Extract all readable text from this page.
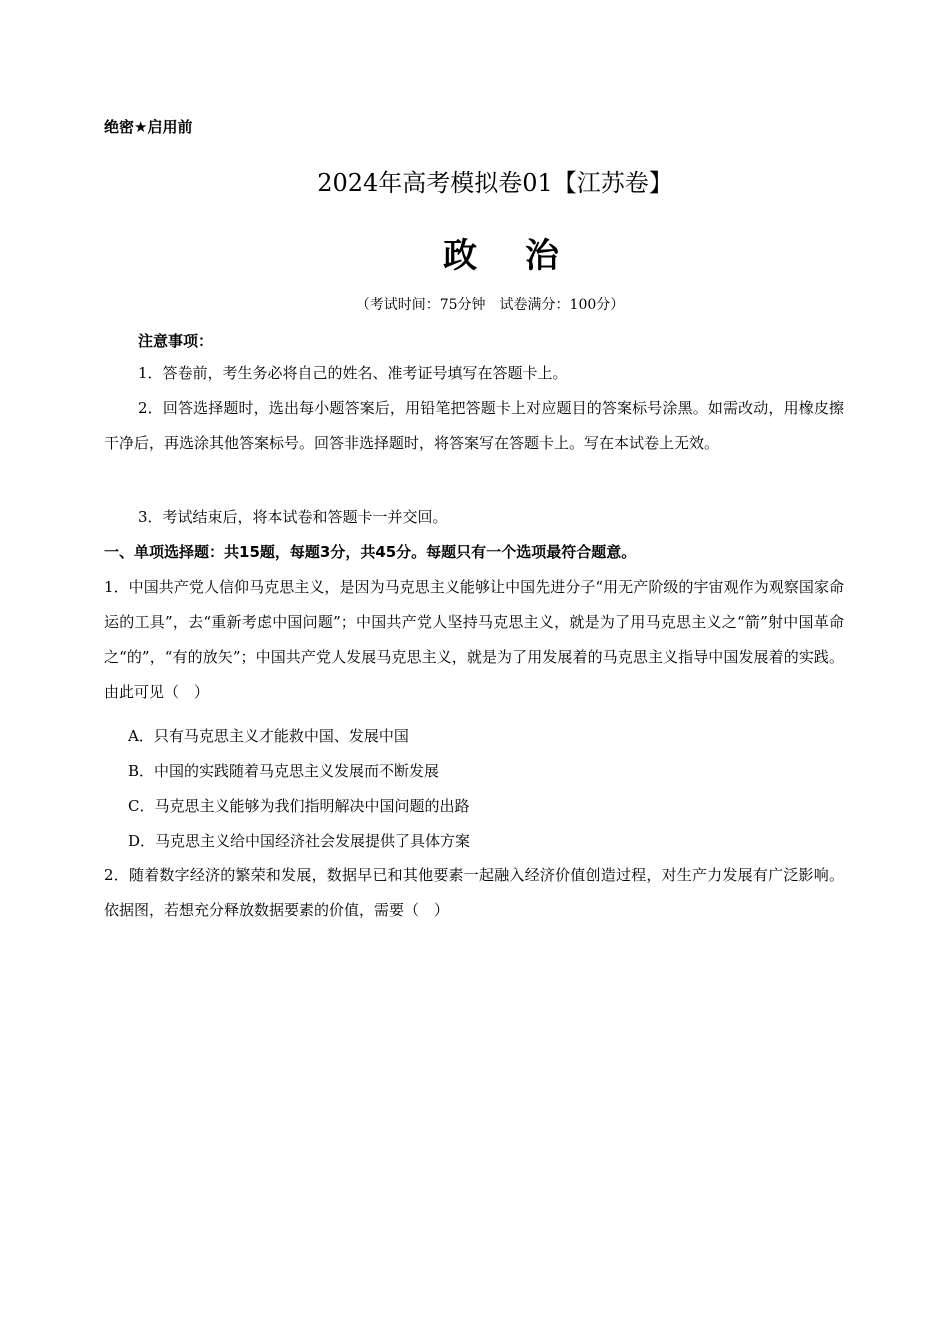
绝密★启用前
2024年高考模拟卷01【江苏卷】
政 治
（考试时间：75分钟　试卷满分：100分）
注意事项：
1．答卷前，考生务必将自己的姓名、准考证号填写在答题卡上。
2．回答选择题时，选出每小题答案后，用铅笔把答题卡上对应题目的答案标号涂黑。如需改动，用橡皮擦干净后，再选涂其他答案标号。回答非选择题时，将答案写在答题卡上。写在本试卷上无效。
3．考试结束后，将本试卷和答题卡一并交回。
一、单项选择题：共15题，每题3分，共45分。每题只有一个选项最符合题意。
1．中国共产党人信仰马克思主义，是因为马克思主义能够让中国先进分子“用无产阶级的宇宙观作为观察国家命运的工具”，去“重新考虑中国问题”；中国共产党人坚持马克思主义，就是为了用马克思主义之“箭”射中国革命之“的”，“有的放矢”；中国共产党人发展马克思主义，就是为了用发展着的马克思主义指导中国发展着的实践。由此可见（　）
A．只有马克思主义才能救中国、发展中国
B．中国的实践随着马克思主义发展而不断发展
C．马克思主义能够为我们指明解决中国问题的出路
D．马克思主义给中国经济社会发展提供了具体方案
2．随着数字经济的繁荣和发展，数据早已和其他要素一起融入经济价值创造过程，对生产力发展有广泛影响。依据图，若想充分释放数据要素的价值，需要（　）
